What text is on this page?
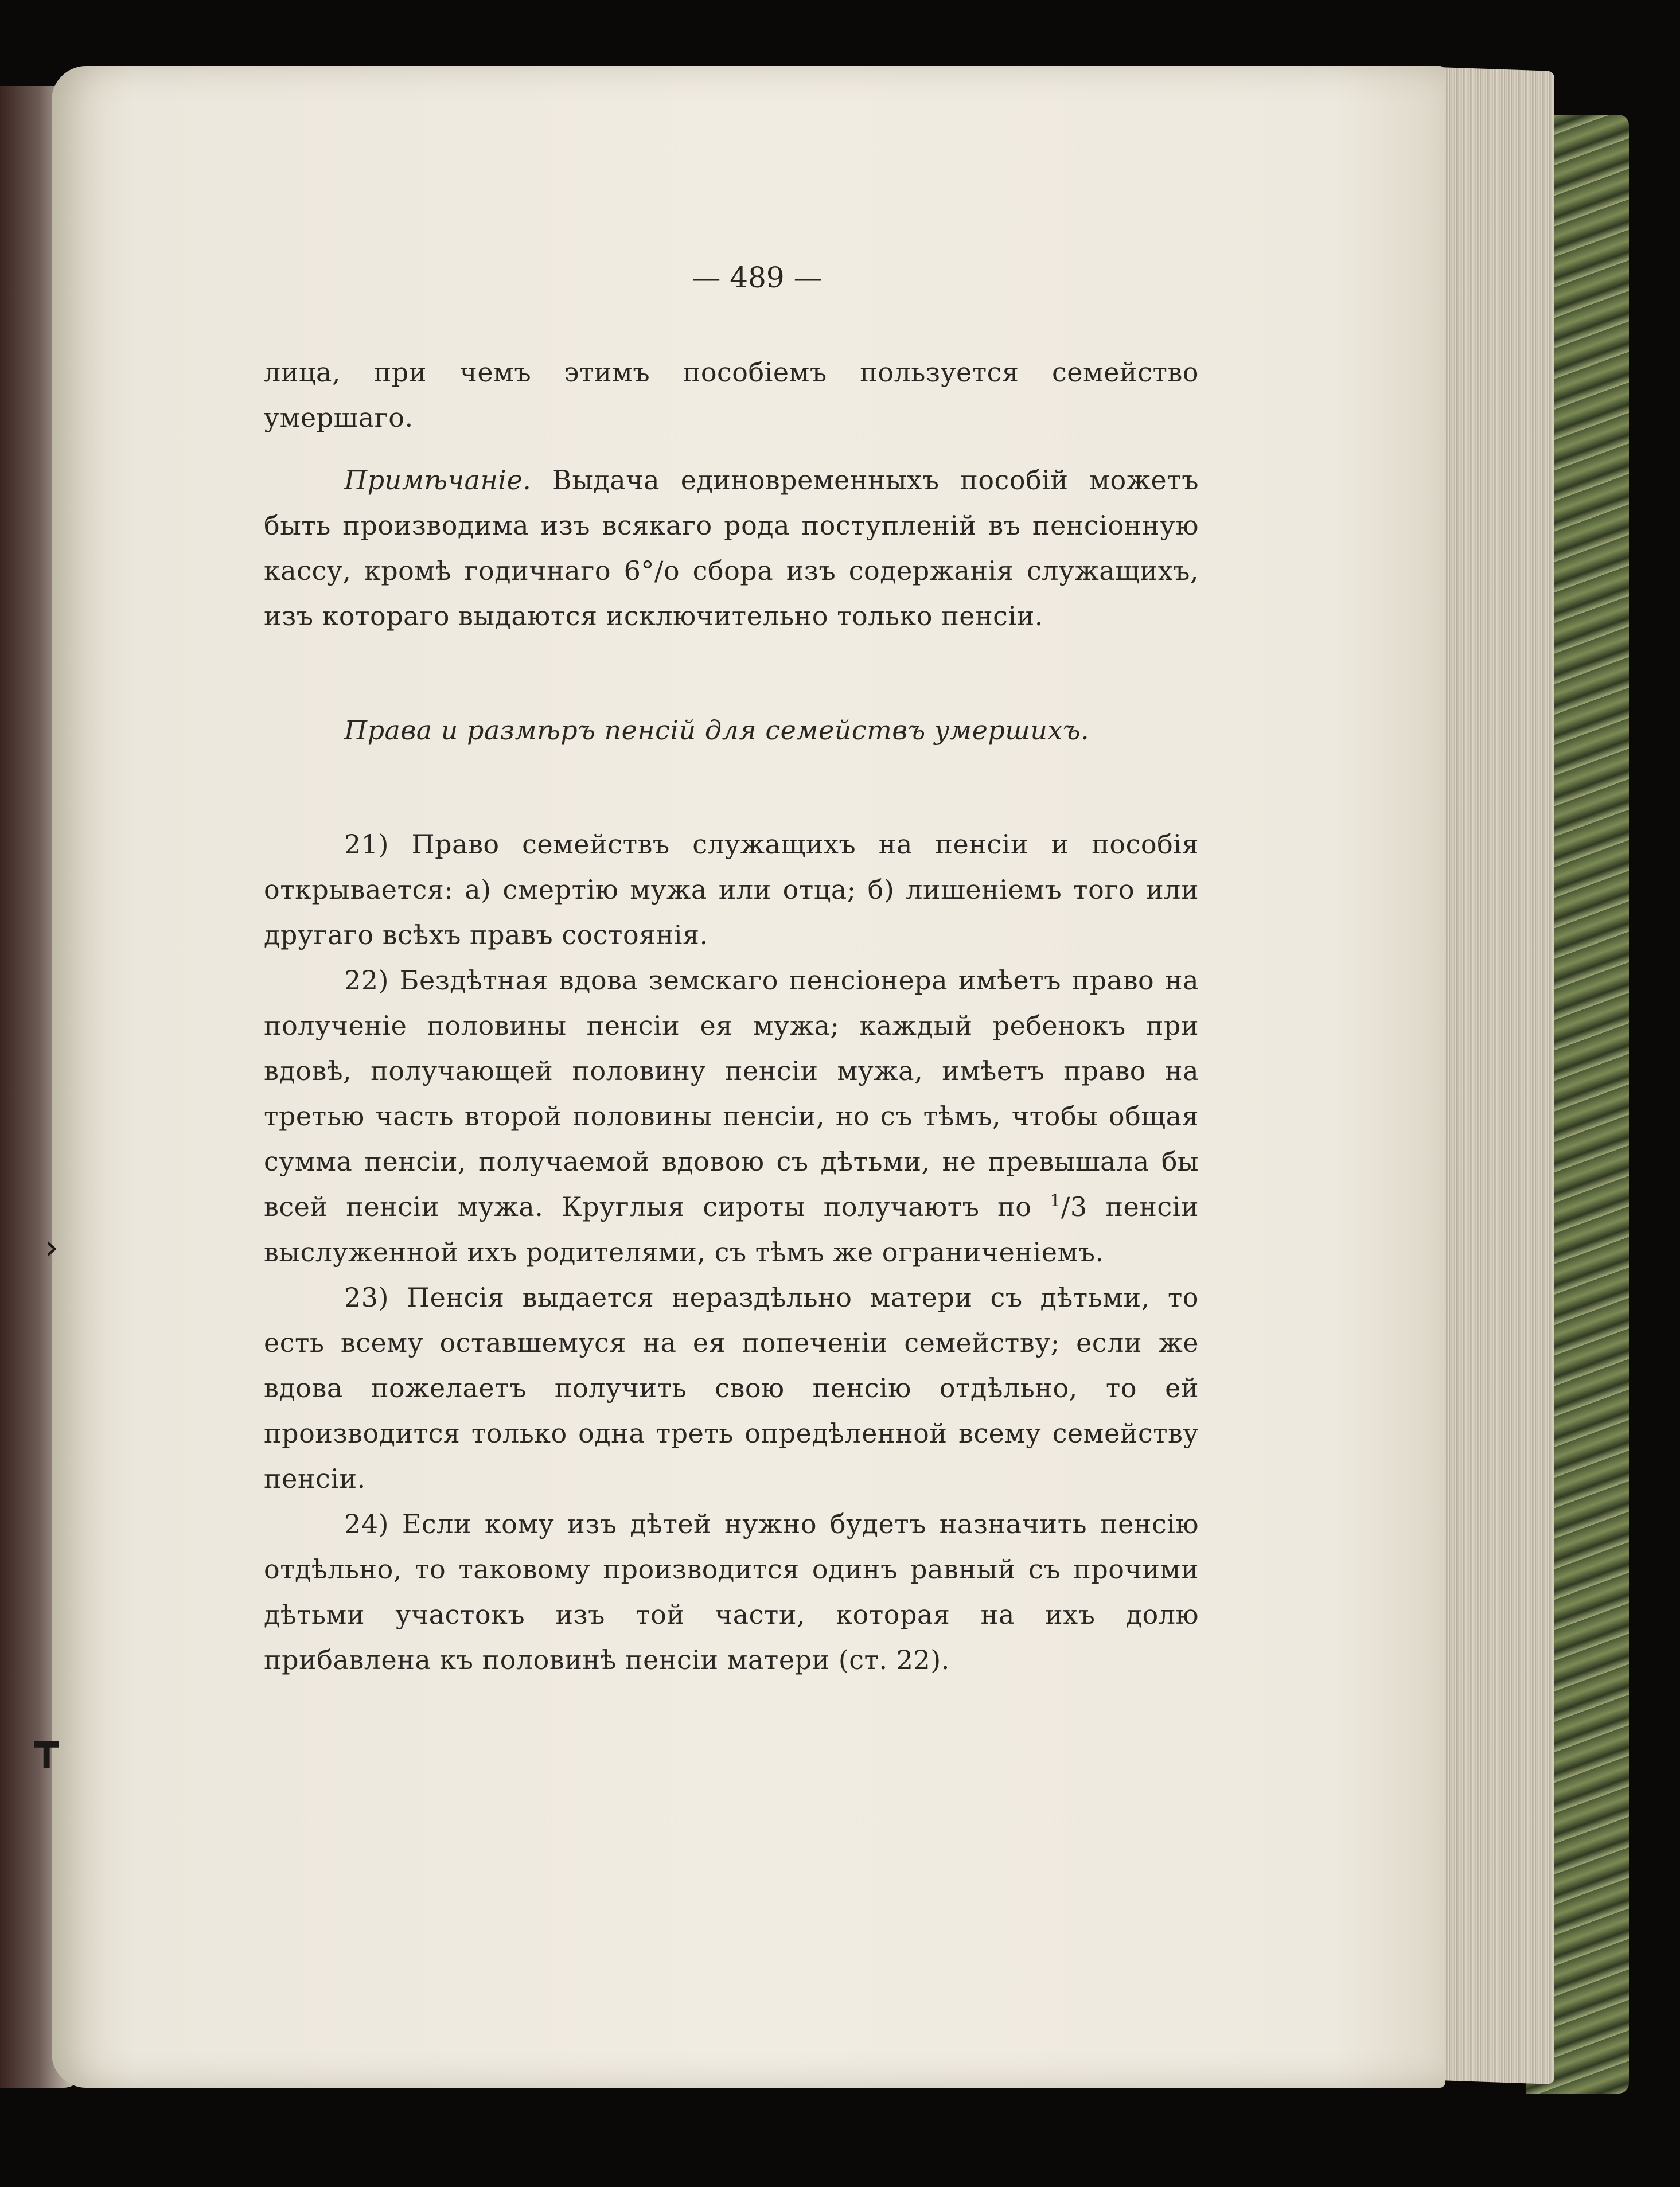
— 489 —

лица, при чемъ этимъ пособіемъ пользуется семейство умершаго.

Примѣчаніе. Выдача единовременныхъ пособій можетъ быть производима изъ всякаго рода поступленій въ пенсіонную кассу, кромѣ годичнаго 6°/o сбора изъ содержанія служащихъ, изъ котораго выдаются исключительно только пенсіи.

Права и размѣръ пенсій для семействъ умершихъ.

21) Право семействъ служащихъ на пенсіи и пособія открывается: а) смертію мужа или отца; б) лишеніемъ того или другаго всѣхъ правъ состоянія.

22) Бездѣтная вдова земскаго пенсіонера имѣетъ право на полученіе половины пенсіи ея мужа; каждый ребенокъ при вдовѣ, получающей половину пенсіи мужа, имѣетъ право на третью часть второй половины пенсіи, но съ тѣмъ, чтобы общая сумма пенсіи, получаемой вдовою съ дѣтьми, не превышала бы всей пенсіи мужа. Круглыя сироты получаютъ по $^1$/3 пенсіи выслуженной ихъ родителями, съ тѣмъ же ограниченіемъ.

23) Пенсія выдается нераздѣльно матери съ дѣтьми, то есть всему оставшемуся на ея попеченіи семейству; если же вдова пожелаетъ получить свою пенсію отдѣльно, то ей производится только одна треть опредѣленной всему семейству пенсіи.

24) Если кому изъ дѣтей нужно будетъ назначить пенсію отдѣльно, то таковому производится одинъ равный съ прочими дѣтьми участокъ изъ той части, которая на ихъ долю прибавлена къ половинѣ пенсіи матери (ст. 22).

›
┳
